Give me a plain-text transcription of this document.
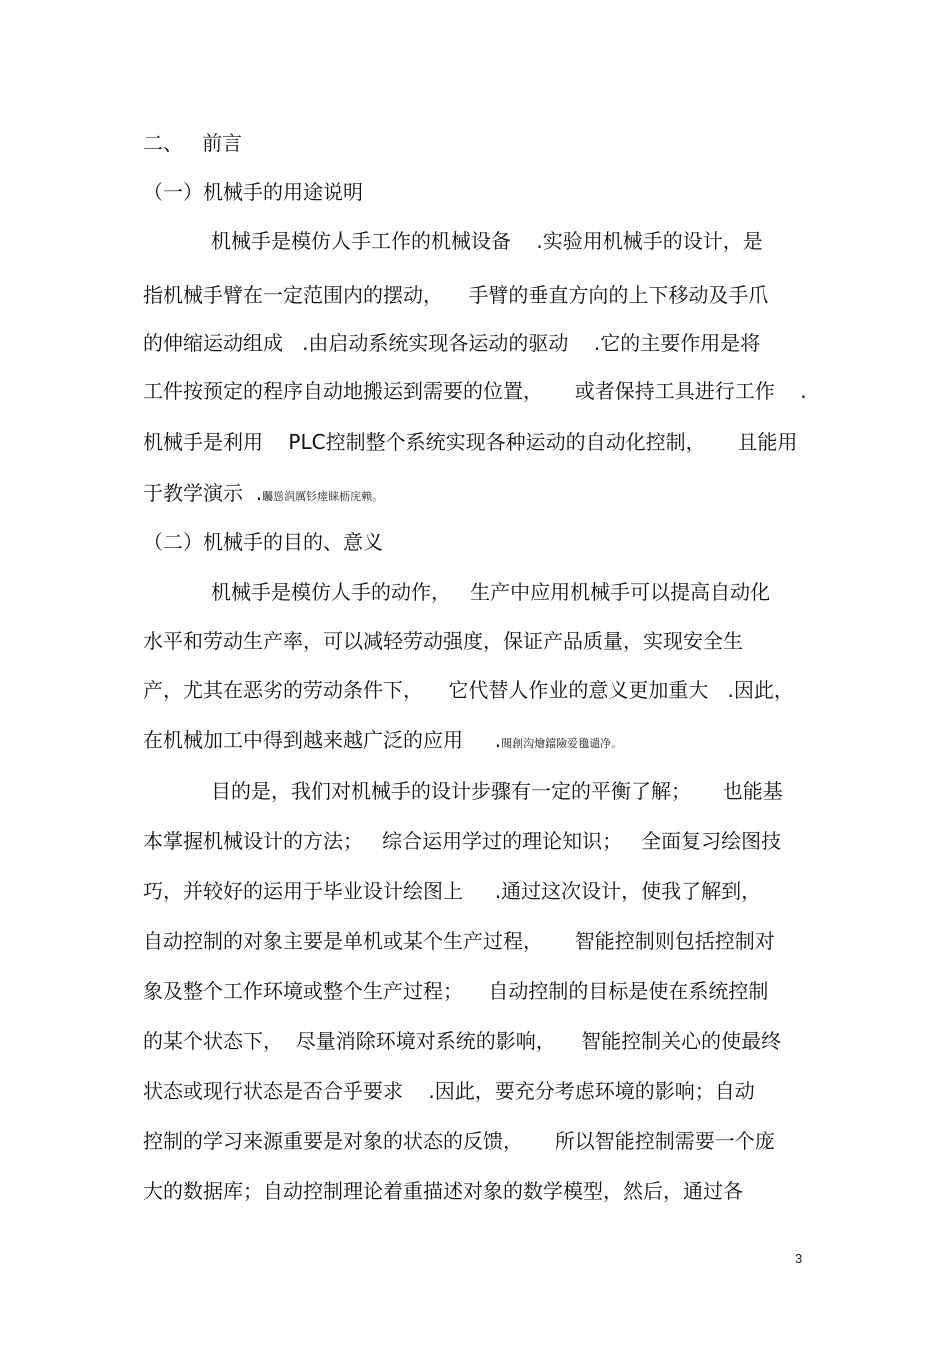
二、   前言
（一）机械手的用途说明
机械手是模仿人手工作的机械设备    .实验用机械手的设计，是
指机械手臂在一定范围内的摆动，    手臂的垂直方向的上下移动及手爪
的伸缩运动组成   .由启动系统实现各运动的驱动    .它的主要作用是将
工件按预定的程序自动地搬运到需要的位置，     或者保持工具进行工作    .
机械手是利用    PLC控制整个系统实现各种运动的自动化控制，     且能用
于教学演示  .矚慫润厲钐瘗睐枥庑赖。
（二）机械手的目的、意义
机械手是模仿人手的动作，   生产中应用机械手可以提高自动化
水平和劳动生产率，可以减轻劳动强度，保证产品质量，实现安全生
产，尤其在恶劣的劳动条件下，    它代替人作业的意义更加重大   .因此，
在机械加工中得到越来越广泛的应用     .聞創沟燴鐺險爱氇谴净。
目的是，我们对机械手的设计步骤有一定的平衡了解；     也能基
本掌握机械设计的方法；   综合运用学过的理论知识；   全面复习绘图技
巧，并较好的运用于毕业设计绘图上     .通过这次设计，使我了解到，
自动控制的对象主要是单机或某个生产过程，     智能控制则包括控制对
象及整个工作环境或整个生产过程；    自动控制的目标是使在系统控制
的某个状态下，  尽量消除环境对系统的影响，    智能控制关心的使最终
状态或现行状态是否合乎要求    .因此，要充分考虑环境的影响；自动
控制的学习来源重要是对象的状态的反馈，     所以智能控制需要一个庞
大的数据库；自动控制理论着重描述对象的数学模型，然后，通过各
3
